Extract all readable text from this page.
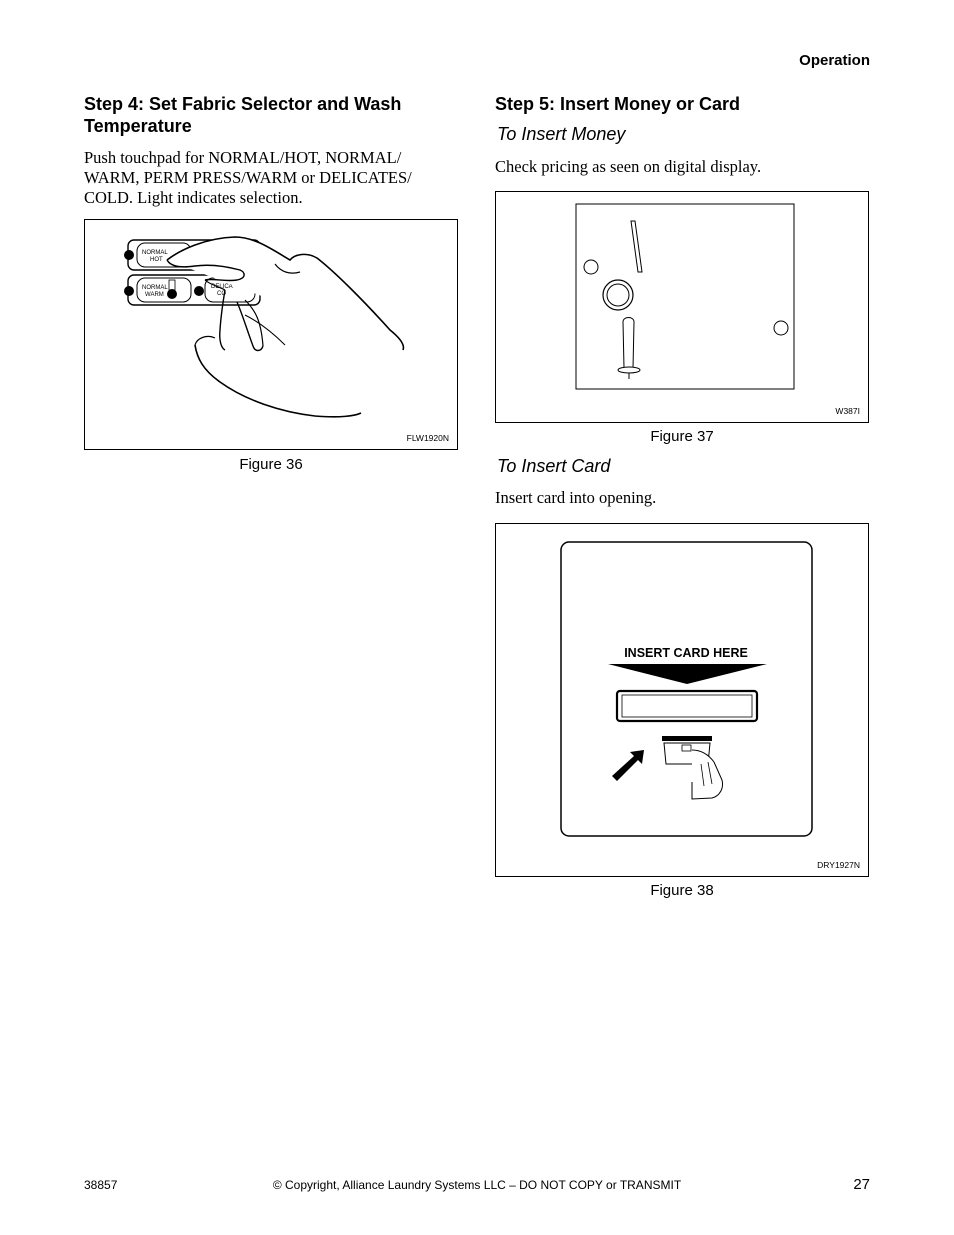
Operation
Step 4: Set Fabric Selector and Wash Temperature
Push touchpad for NORMAL/HOT, NORMAL/
WARM, PERM PRESS/WARM or DELICATES/
COLD. Light indicates selection.
NORMAL
HOT
NORMAL
WARM
DELICA
CO
FLW1920N
Figure 36
Step 5: Insert Money or Card
To Insert Money
Check pricing as seen on digital display.
W387I
Figure 37
To Insert Card
Insert card into opening.
INSERT CARD HERE
DRY1927N
Figure 38
38857	© Copyright, Alliance Laundry Systems LLC – DO NOT COPY or TRANSMIT	27
